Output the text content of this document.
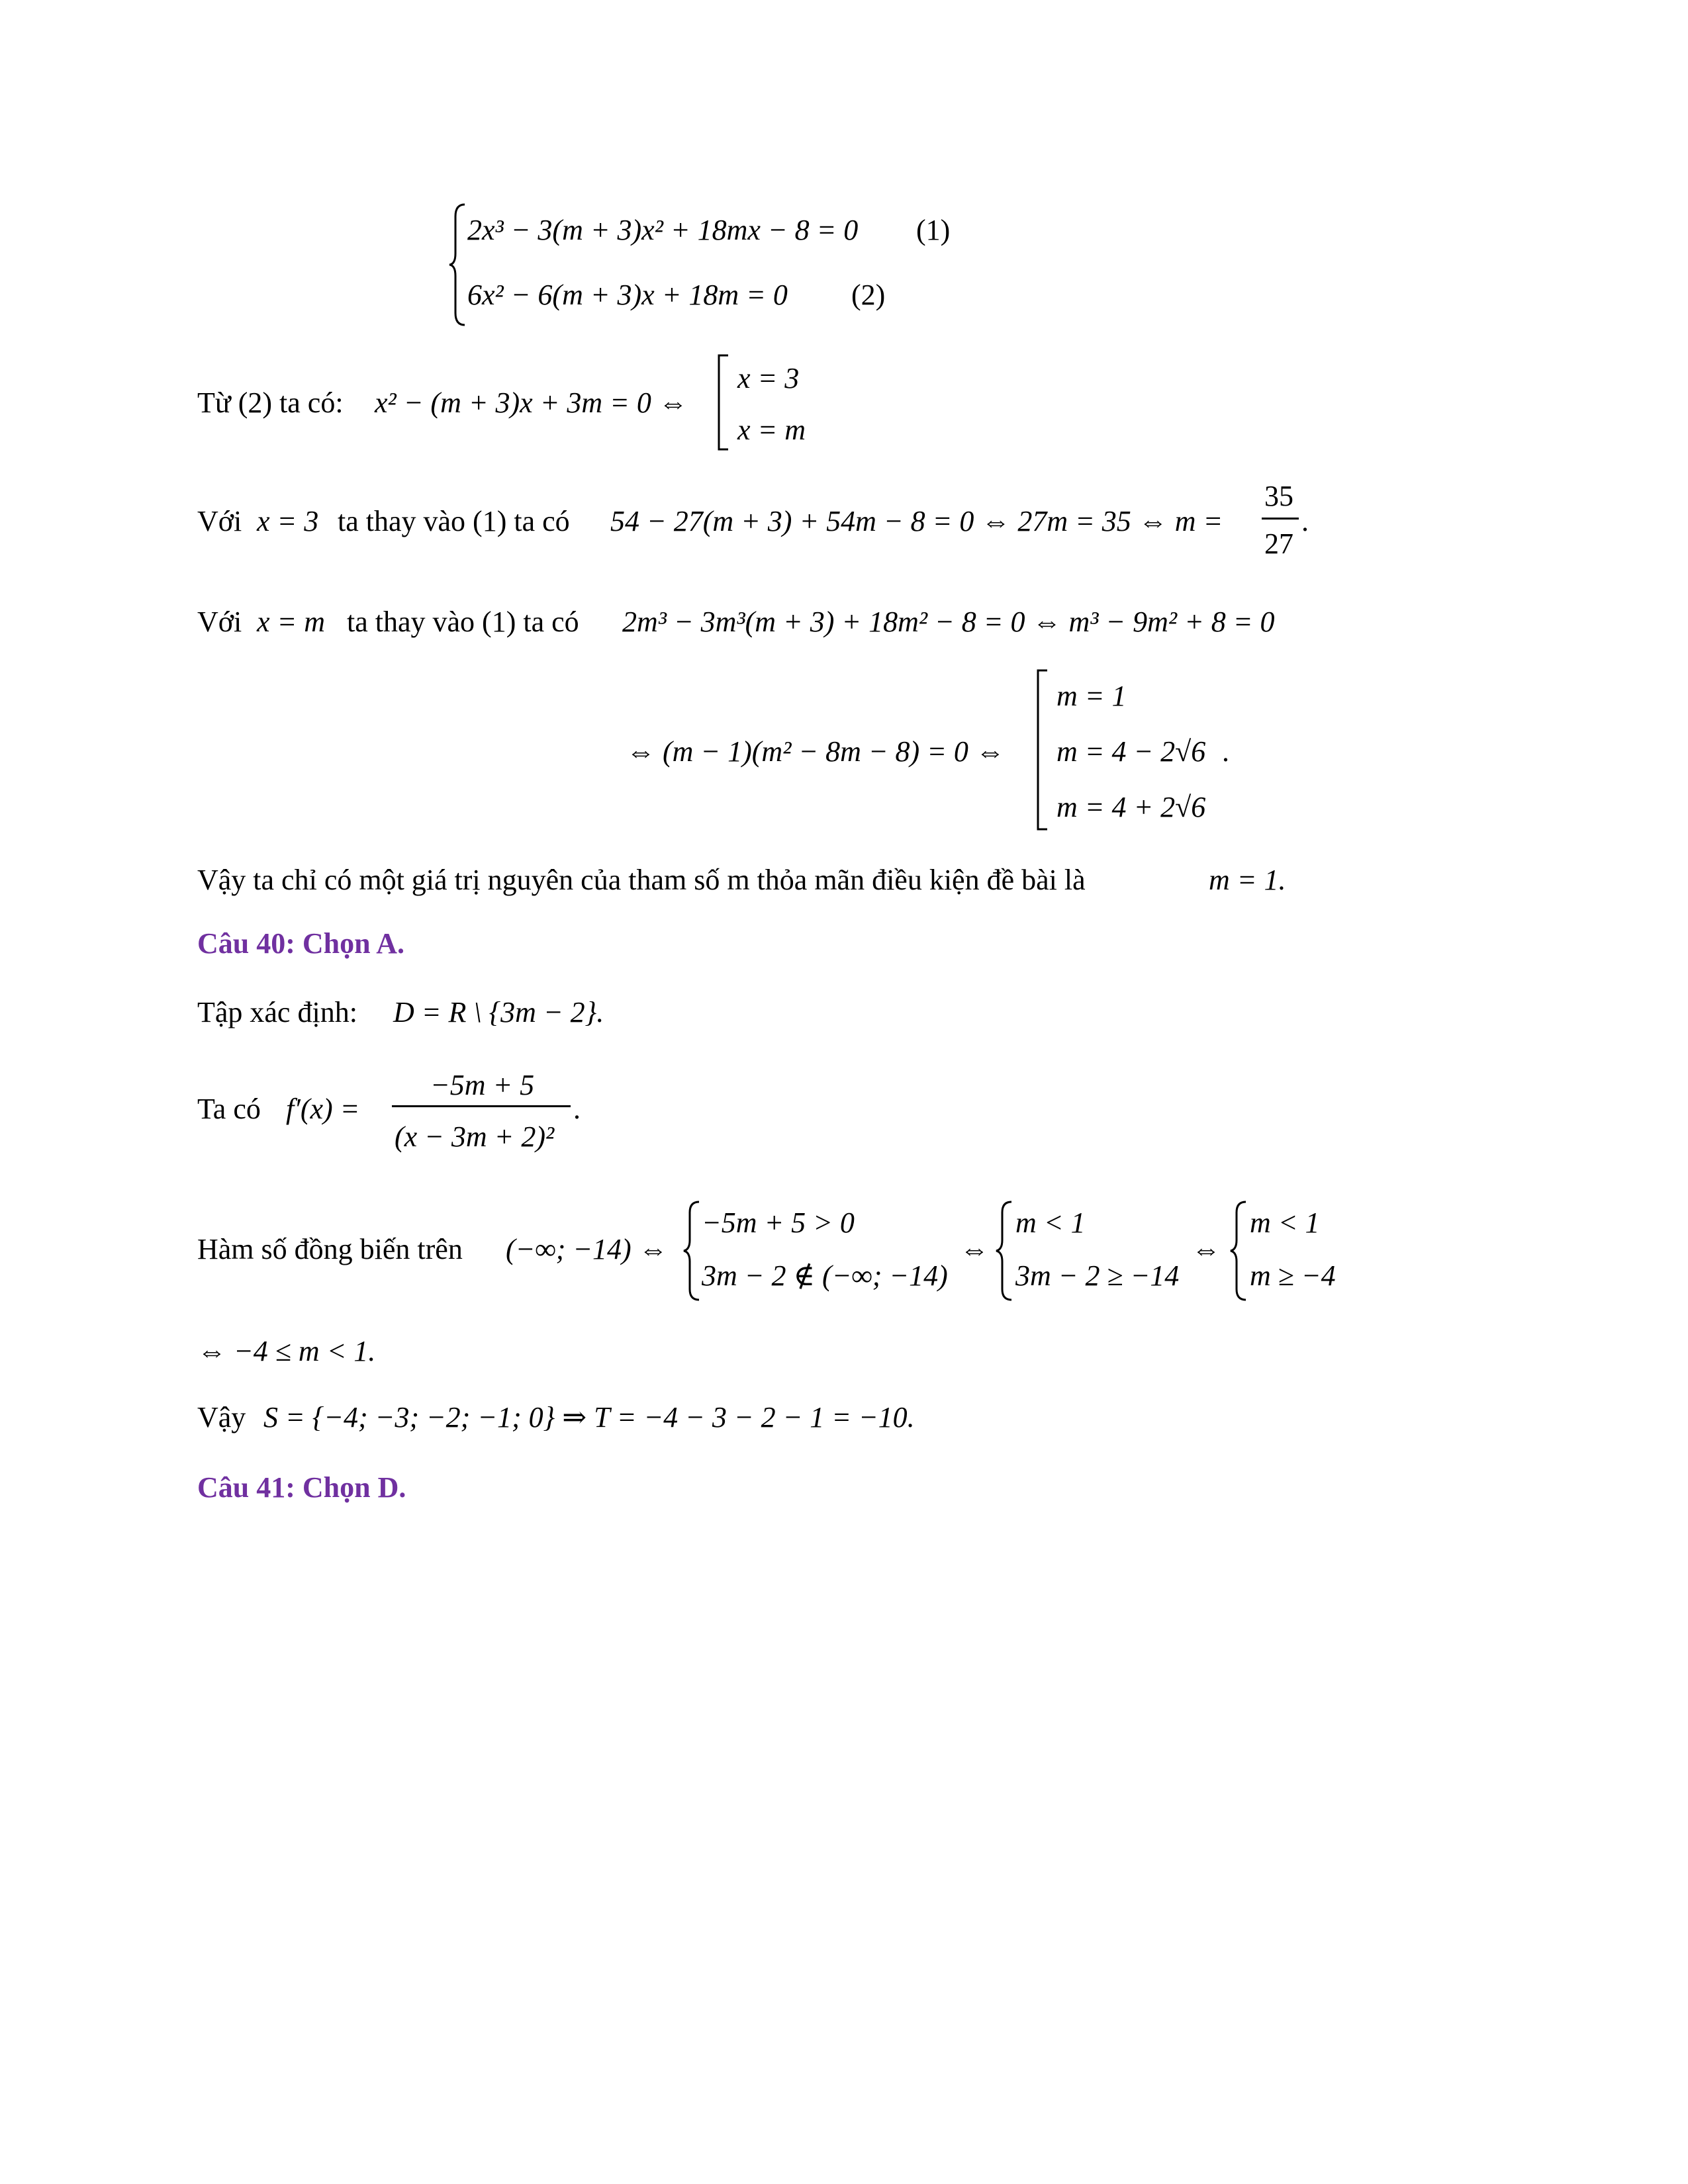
2x³ − 3(m + 3)x² + 18mx − 8 = 0 (1)
6x² − 6(m + 3)x + 18m = 0 (2)
Từ (2) ta có: x² − (m + 3)x + 3m = 0 ⇔
x = 3
x = m
Với x = 3 ta thay vào (1) ta có 54 − 27(m + 3) + 54m − 8 = 0 ⇔ 27m = 35 ⇔ m =
35
27
.
Với x = m ta thay vào (1) ta có 2m³ − 3m³(m + 3) + 18m² − 8 = 0 ⇔ m³ − 9m² + 8 = 0
⇔ (m − 1)(m² − 8m − 8) = 0 ⇔
m = 1
m = 4 − 2√6 .
m = 4 + 2√6
Vậy ta chỉ có một giá trị nguyên của tham số m thỏa mãn điều kiện đề bài là	m = 1.
Câu 40: Chọn A.
Tập xác định: D = R \ {3m − 2}.
Ta có f′(x) =
−5m + 5
(x − 3m + 2)²
.
Hàm số đồng biến trên (−∞; −14) ⇔
−5m + 5 > 0
3m − 2 ∉ (−∞; −14)
⇔
m < 1
3m − 2 ≥ −14
⇔
m < 1
m ≥ −4
⇔ −4 ≤ m < 1.
Vậy S = {−4; −3; −2; −1; 0} ⇒ T = −4 − 3 − 2 − 1 = −10.
Câu 41: Chọn D.
